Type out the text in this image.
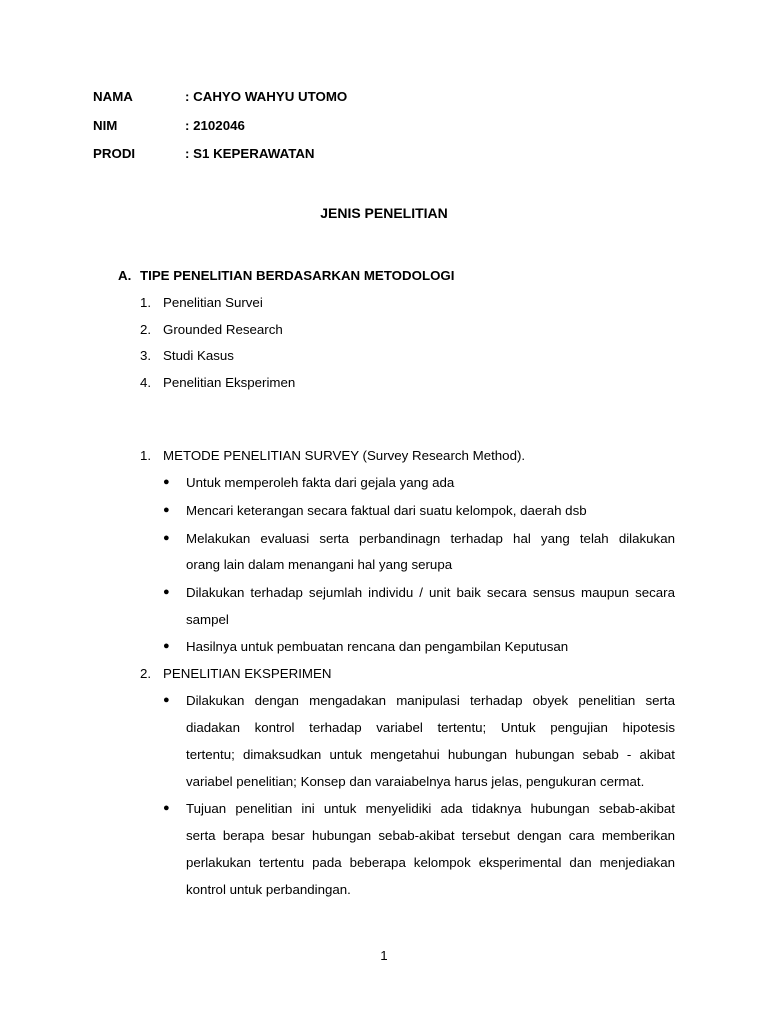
NAMA	: CAHYO WAHYU UTOMO
NIM	: 2102046
PRODI	: S1 KEPERAWATAN
JENIS PENELITIAN
A. TIPE PENELITIAN BERDASARKAN METODOLOGI
1. Penelitian Survei
2. Grounded Research
3. Studi Kasus
4. Penelitian Eksperimen
1. METODE PENELITIAN SURVEY (Survey Research Method).
● Untuk memperoleh fakta dari gejala yang ada
● Mencari keterangan secara faktual dari suatu kelompok, daerah dsb
● Melakukan evaluasi serta perbandinagn terhadap hal yang telah dilakukan
orang lain dalam menangani hal yang serupa
● Dilakukan terhadap sejumlah individu / unit baik secara sensus maupun secara
sampel
● Hasilnya untuk pembuatan rencana dan pengambilan Keputusan
2. PENELITIAN EKSPERIMEN
● Dilakukan dengan mengadakan manipulasi terhadap obyek penelitian serta
diadakan kontrol terhadap variabel tertentu; Untuk pengujian hipotesis
tertentu; dimaksudkan untuk mengetahui hubungan hubungan sebab - akibat
variabel penelitian; Konsep dan varaiabelnya harus jelas, pengukuran cermat.
● Tujuan penelitian ini untuk menyelidiki ada tidaknya hubungan sebab-akibat
serta berapa besar hubungan sebab-akibat tersebut dengan cara memberikan
perlakukan tertentu pada beberapa kelompok eksperimental dan menjediakan
kontrol untuk perbandingan.
1
